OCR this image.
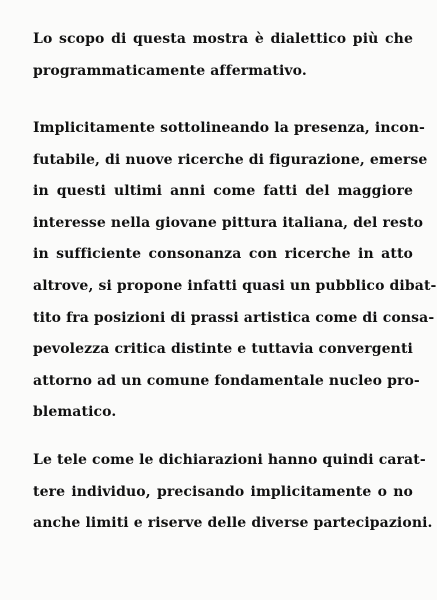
Lo scopo di questa mostra è dialettico più che
programmaticamente affermativo.
Implicitamente sottolineando la presenza, incon-
futabile, di nuove ricerche di figurazione, emerse
in questi ultimi anni come fatti del maggiore
interesse nella giovane pittura italiana, del resto
in sufficiente consonanza con ricerche in atto
altrove, si propone infatti quasi un pubblico dibat-
tito fra posizioni di prassi artistica come di consa-
pevolezza critica distinte e tuttavia convergenti
attorno ad un comune fondamentale nucleo pro-
blematico.
Le tele come le dichiarazioni hanno quindi carat-
tere individuo, precisando implicitamente o no
anche limiti e riserve delle diverse partecipazioni.
